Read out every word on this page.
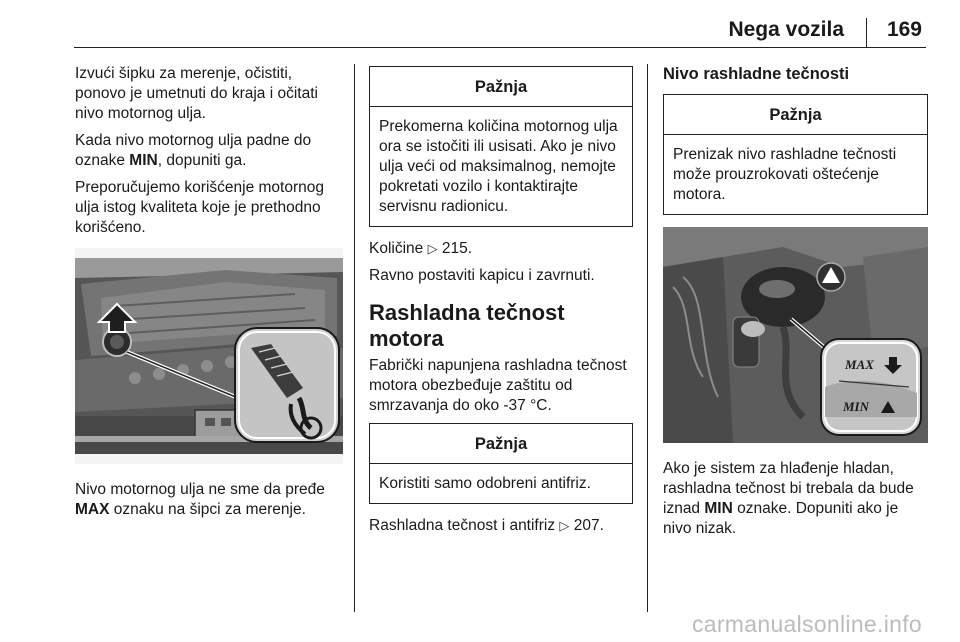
Nega vozila 169

Izvući šipku za merenje, očistiti, ponovo je umetnuti do kraja i očitati nivo motornog ulja.

Kada nivo motornog ulja padne do oznake MIN, dopuniti ga.

Preporučujemo korišćenje motornog ulja istog kvaliteta koje je prethodno korišćeno.

Nivo motornog ulja ne sme da pređe MAX oznaku na šipci za merenje.

Pažnja
Prekomerna količina motornog ulja ora se istočiti ili usisati. Ako je nivo ulja veći od maksimalnog, nemojte pokretati vozilo i kontaktirajte servisnu radionicu.

Količine ▷ 215.

Ravno postaviti kapicu i zavrnuti.

Rashladna tečnost motora

Fabrički napunjena rashladna tečnost motora obezbeđuje zaštitu od smrzavanja do oko -37 °C.

Pažnja
Koristiti samo odobreni antifriz.

Rashladna tečnost i antifriz ▷ 207.

Nivo rashladne tečnosti
Pažnja
Prenizak nivo rashladne tečnosti može prouzrokovati oštećenje motora.
MAX
MIN

Ako je sistem za hlađenje hladan, rashladna tečnost bi trebala da bude iznad MIN oznake. Dopuniti ako je nivo nizak.

carmanualsonline.info
